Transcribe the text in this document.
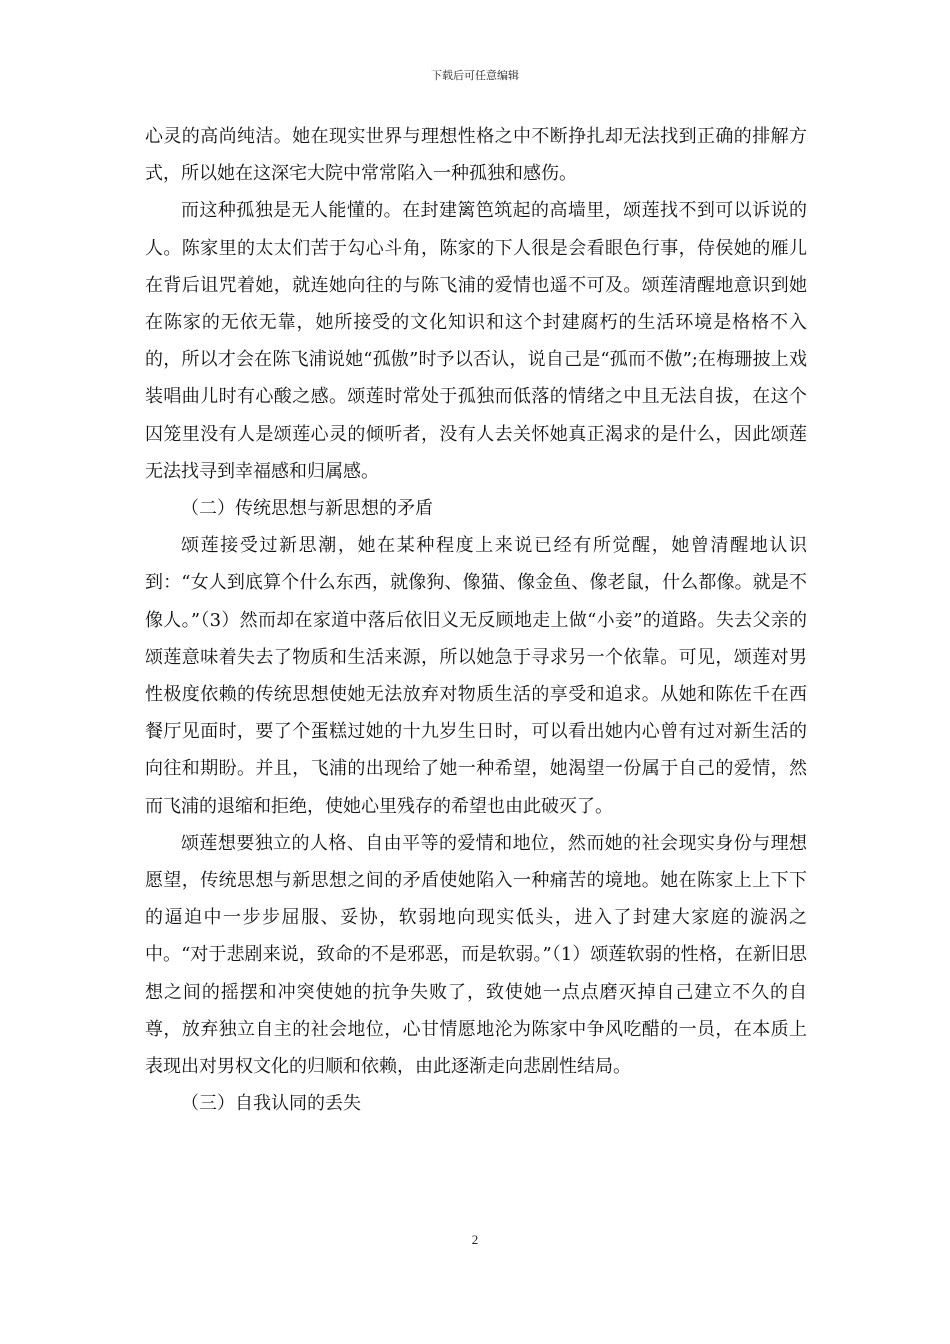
下载后可任意编辑

心灵的高尚纯洁。她在现实世界与理想性格之中不断挣扎却无法找到正确的排解方式，所以她在这深宅大院中常常陷入一种孤独和感伤。

而这种孤独是无人能懂的。在封建篱笆筑起的高墙里，颂莲找不到可以诉说的人。陈家里的太太们苦于勾心斗角，陈家的下人很是会看眼色行事，侍侯她的雁儿在背后诅咒着她，就连她向往的与陈飞浦的爱情也遥不可及。颂莲清醒地意识到她在陈家的无依无靠，她所接受的文化知识和这个封建腐朽的生活环境是格格不入的，所以才会在陈飞浦说她“孤傲”时予以否认，说自己是“孤而不傲”;在梅珊披上戏装唱曲儿时有心酸之感。颂莲时常处于孤独而低落的情绪之中且无法自拔，在这个囚笼里没有人是颂莲心灵的倾听者，没有人去关怀她真正渴求的是什么，因此颂莲无法找寻到幸福感和归属感。

（二）传统思想与新思想的矛盾

颂莲接受过新思潮，她在某种程度上来说已经有所觉醒，她曾清醒地认识到：“女人到底算个什么东西，就像狗、像猫、像金鱼、像老鼠，什么都像。就是不像人。”（3）然而却在家道中落后依旧义无反顾地走上做“小妾”的道路。失去父亲的颂莲意味着失去了物质和生活来源，所以她急于寻求另一个依靠。可见，颂莲对男性极度依赖的传统思想使她无法放弃对物质生活的享受和追求。从她和陈佐千在西餐厅见面时，要了个蛋糕过她的十九岁生日时，可以看出她内心曾有过对新生活的向往和期盼。并且，飞浦的出现给了她一种希望，她渴望一份属于自己的爱情，然而飞浦的退缩和拒绝，使她心里残存的希望也由此破灭了。

颂莲想要独立的人格、自由平等的爱情和地位，然而她的社会现实身份与理想愿望，传统思想与新思想之间的矛盾使她陷入一种痛苦的境地。她在陈家上上下下的逼迫中一步步屈服、妥协，软弱地向现实低头，进入了封建大家庭的漩涡之中。“对于悲剧来说，致命的不是邪恶，而是软弱。”（1）颂莲软弱的性格，在新旧思想之间的摇摆和冲突使她的抗争失败了，致使她一点点磨灭掉自己建立不久的自尊，放弃独立自主的社会地位，心甘情愿地沦为陈家中争风吃醋的一员，在本质上表现出对男权文化的归顺和依赖，由此逐渐走向悲剧性结局。

（三）自我认同的丢失

2
